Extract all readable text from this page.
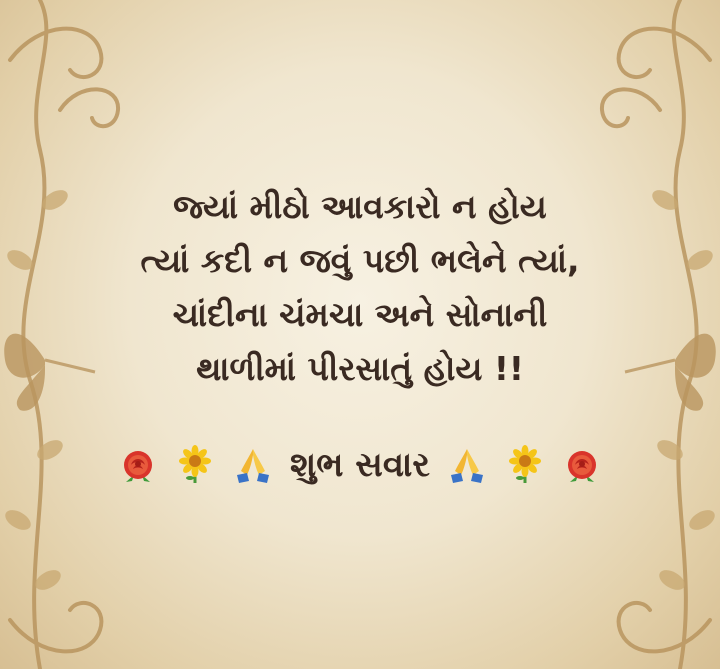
જ્યાં મીઠો આવકારો ન હોય
ત્યાં કદી ન જવું પછી ભલેને ત્યાં,
ચાંદીના ચંમચા અને સોનાની
થાળીમાં પીરસાતું હોય !!
શુભ સવાર
